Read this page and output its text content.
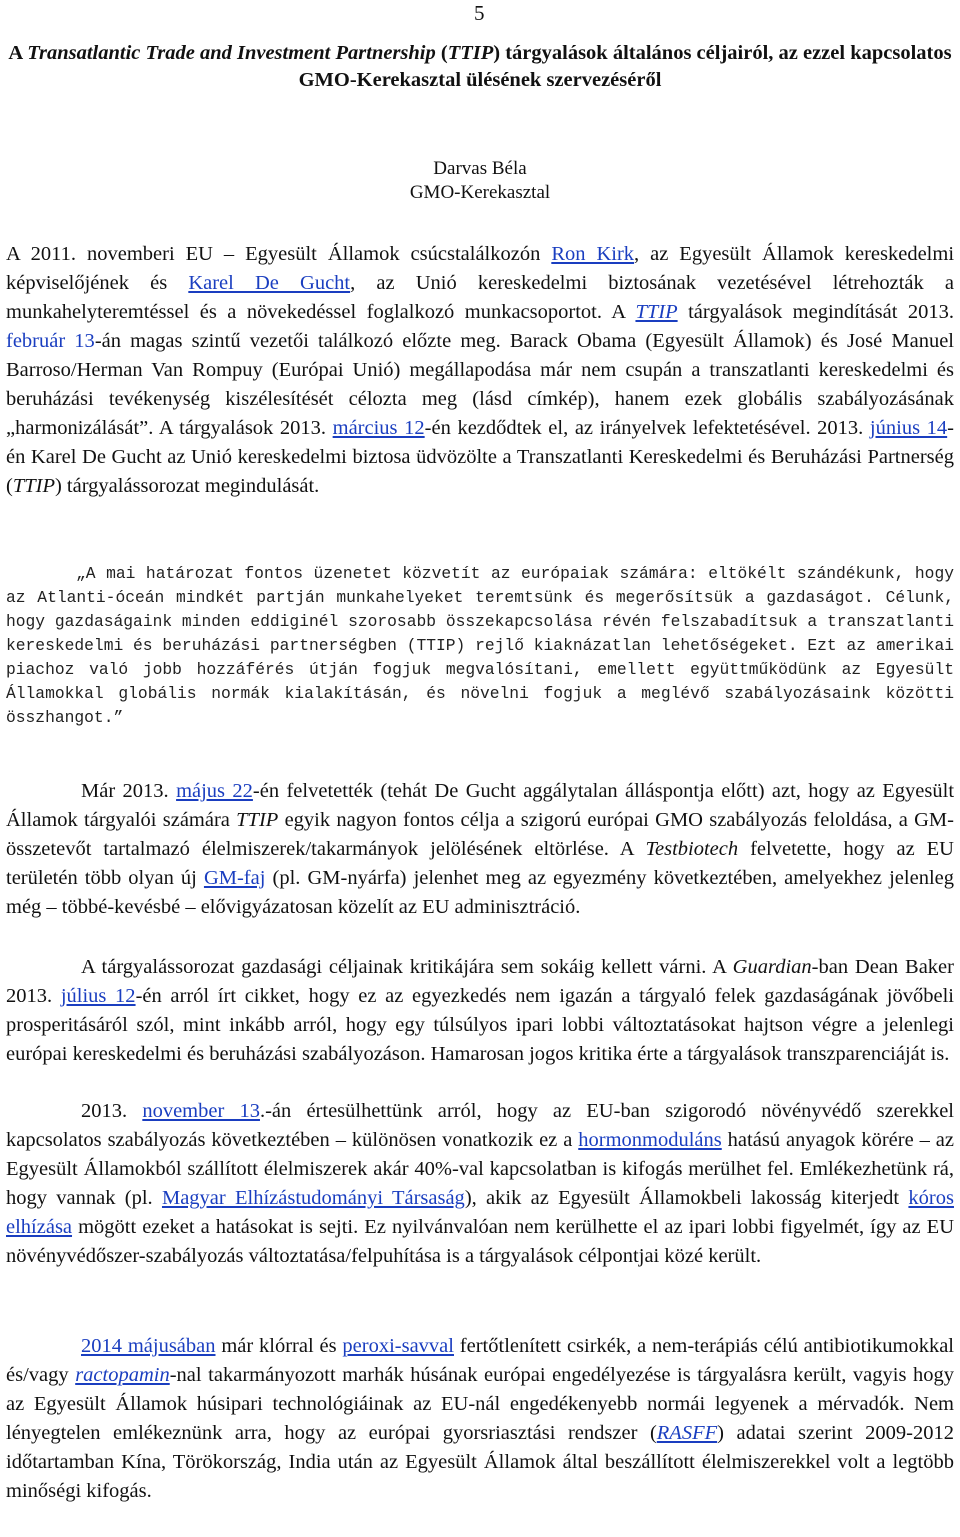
5
A Transatlantic Trade and Investment Partnership (TTIP) tárgyalások általános céljairól, az ezzel kapcsolatos GMO-Kerekasztal ülésének szervezéséről
Darvas Béla
GMO-Kerekasztal

A 2011. novemberi EU – Egyesült Államok csúcstalálkozón Ron Kirk, az Egyesült Államok kereskedelmi képviselőjének és Karel De Gucht, az Unió kereskedelmi biztosának vezetésével létrehozták a munkahelyteremtéssel és a növekedéssel foglalkozó munkacsoportot. A TTIP tárgyalások megindítását 2013. február 13-án magas szintű vezetői találkozó előzte meg. Barack Obama (Egyesült Államok) és José Manuel Barroso/Herman Van Rompuy (Európai Unió) megállapodása már nem csupán a transzatlanti kereskedelmi és beruházási tevékenység kiszélesítését célozta meg (lásd címkép), hanem ezek globális szabályozásának „harmonizálását”. A tárgyalások 2013. március 12-én kezdődtek el, az irányelvek lefektetésével. 2013. június 14-én Karel De Gucht az Unió kereskedelmi biztosa üdvözölte a Transzatlanti Kereskedelmi és Beruházási Partnerség (TTIP) tárgyalássorozat megindulását.

„A mai határozat fontos üzenetet közvetít az európaiak számára: eltökélt szándékunk, hogy az Atlanti-óceán mindkét partján munkahelyeket teremtsünk és megerősítsük a gazdaságot. Célunk, hogy gazdaságaink minden eddiginél szorosabb összekapcsolása révén felszabadítsuk a transzatlanti kereskedelmi és beruházási partnerségben (TTIP) rejlő kiaknázatlan lehetőségeket. Ezt az amerikai piachoz való jobb hozzáférés útján fogjuk megvalósítani, emellett együttműködünk az Egyesült Államokkal globális normák kialakításán, és növelni fogjuk a meglévő szabályozásaink közötti összhangot.”

Már 2013. május 22-én felvetették (tehát De Gucht aggálytalan álláspontja előtt) azt, hogy az Egyesült Államok tárgyalói számára TTIP egyik nagyon fontos célja a szigorú európai GMO szabályozás feloldása, a GM-összetevőt tartalmazó élelmiszerek/takarmányok jelölésének eltörlése. A Testbiotech felvetette, hogy az EU területén több olyan új GM-faj (pl. GM-nyárfa) jelenhet meg az egyezmény következtében, amelyekhez jelenleg még – többé-kevésbé – elővigyázatosan közelít az EU adminisztráció.

A tárgyalássorozat gazdasági céljainak kritikájára sem sokáig kellett várni. A Guardian-ban Dean Baker 2013. július 12-én arról írt cikket, hogy ez az egyezkedés nem igazán a tárgyaló felek gazdaságának jövőbeli prosperitásáról szól, mint inkább arról, hogy egy túlsúlyos ipari lobbi változtatásokat hajtson végre a jelenlegi európai kereskedelmi és beruházási szabályozáson. Hamarosan jogos kritika érte a tárgyalások transzparenciáját is.

2013. november 13.-án értesülhettünk arról, hogy az EU-ban szigorodó növényvédő szerekkel kapcsolatos szabályozás következtében – különösen vonatkozik ez a hormonmoduláns hatású anyagok körére – az Egyesült Államokból szállított élelmiszerek akár 40%-val kapcsolatban is kifogás merülhet fel. Emlékezhetünk rá, hogy vannak (pl. Magyar Elhízástudományi Társaság), akik az Egyesült Államokbeli lakosság kiterjedt kóros elhízása mögött ezeket a hatásokat is sejti. Ez nyilvánvalóan nem kerülhette el az ipari lobbi figyelmét, így az EU növényvédőszer-szabályozás változtatása/felpuhítása is a tárgyalások célpontjai közé került.

2014 májusában már klórral és peroxi-savval fertőtlenített csirkék, a nem-terápiás célú antibiotikumokkal és/vagy ractopamin-nal takarmányozott marhák húsának európai engedélyezése is tárgyalásra került, vagyis hogy az Egyesült Államok húsipari technológiáinak az EU-nál engedékenyebb normái legyenek a mérvadók. Nem lényegtelen emlékeznünk arra, hogy az európai gyorsriasztási rendszer (RASFF) adatai szerint 2009-2012 időtartamban Kína, Törökország, India után az Egyesült Államok által beszállított élelmiszerekkel volt a legtöbb minőségi kifogás.
